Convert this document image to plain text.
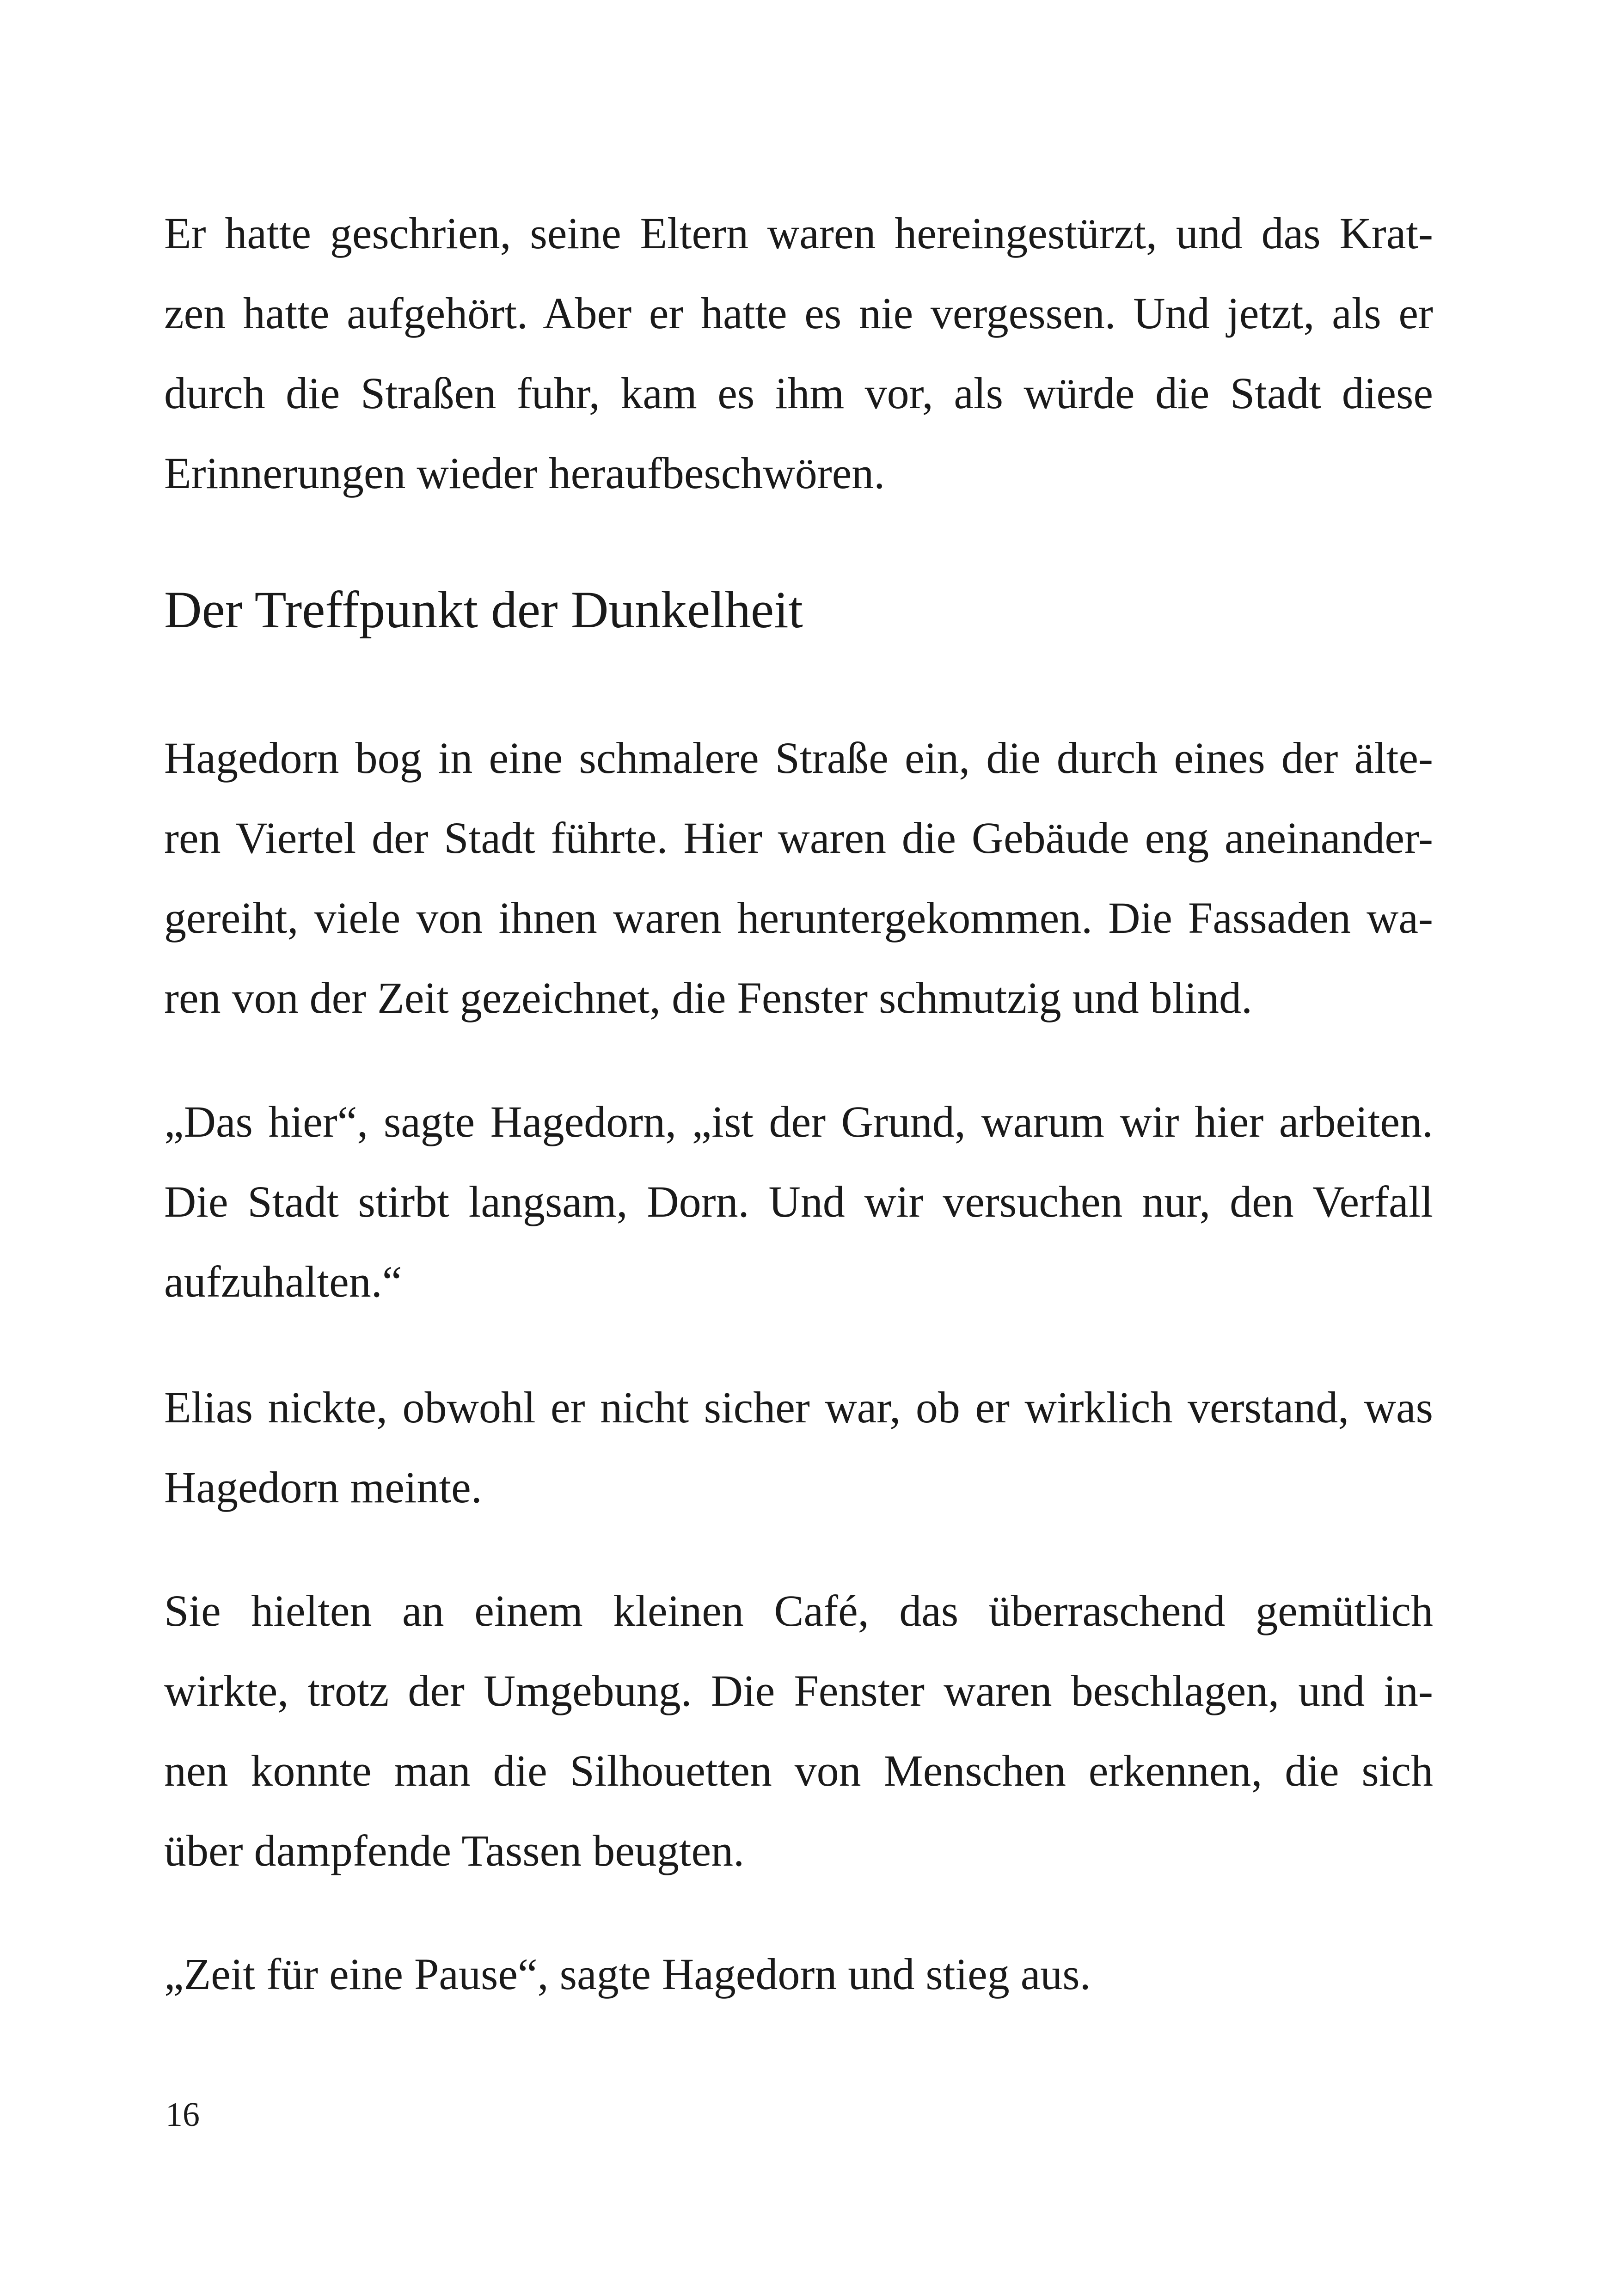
Er hatte geschrien, seine Eltern waren hereingestürzt, und das Krat-
zen hatte aufgehört. Aber er hatte es nie vergessen. Und jetzt, als er
durch die Straßen fuhr, kam es ihm vor, als würde die Stadt diese
Erinnerungen wieder heraufbeschwören.
Der Treffpunkt der Dunkelheit
Hagedorn bog in eine schmalere Straße ein, die durch eines der älte-
ren Viertel der Stadt führte. Hier waren die Gebäude eng aneinander-
gereiht, viele von ihnen waren heruntergekommen. Die Fassaden wa-
ren von der Zeit gezeichnet, die Fenster schmutzig und blind.
„Das hier“, sagte Hagedorn, „ist der Grund, warum wir hier arbeiten.
Die Stadt stirbt langsam, Dorn. Und wir versuchen nur, den Verfall
aufzuhalten.“
Elias nickte, obwohl er nicht sicher war, ob er wirklich verstand, was
Hagedorn meinte.
Sie hielten an einem kleinen Café, das überraschend gemütlich
wirkte, trotz der Umgebung. Die Fenster waren beschlagen, und in-
nen konnte man die Silhouetten von Menschen erkennen, die sich
über dampfende Tassen beugten.
„Zeit für eine Pause“, sagte Hagedorn und stieg aus.
16
